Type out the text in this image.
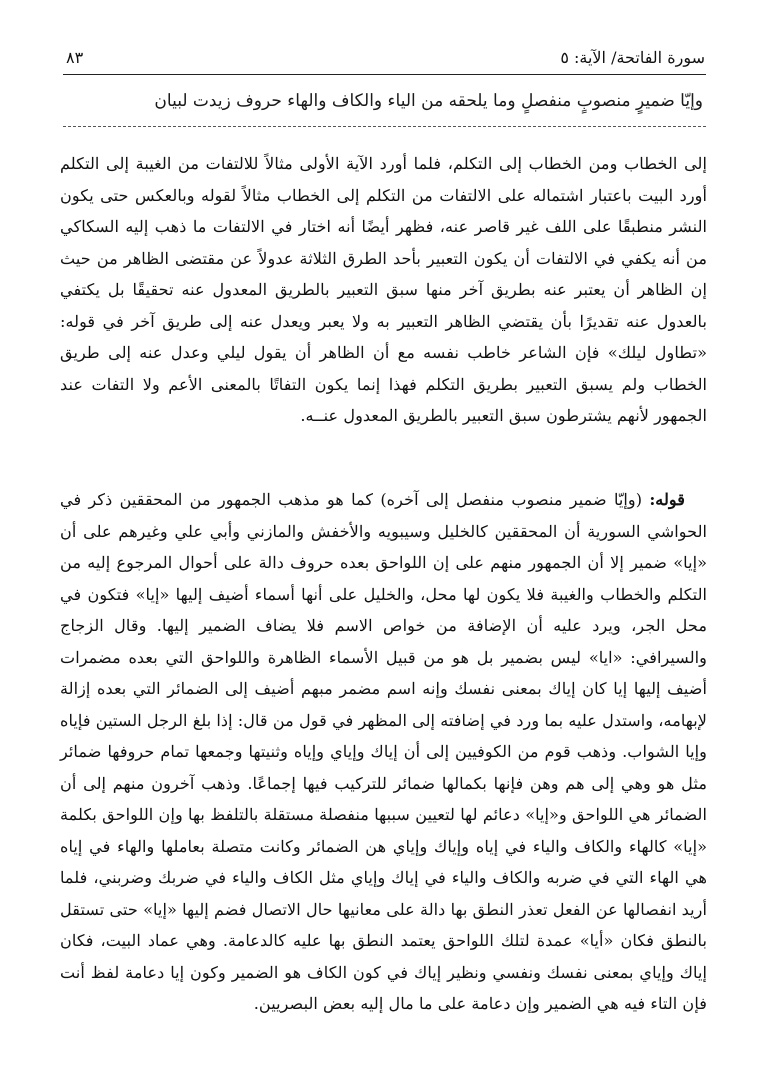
سورة الفاتحة/ الآية: ٥
٨٣
وإيّا ضميرٍ منصوبٍ منفصلٍ وما يلحقه من الياء والكاف والهاء حروف زيدت لبيان

إلى الخطاب ومن الخطاب إلى التكلم، فلما أورد الآية الأولى مثالاً للالتفات من الغيبة إلى التكلم أورد البيت باعتبار اشتماله على الالتفات من التكلم إلى الخطاب مثالاً لقوله وبالعكس حتى يكون النشر منطبقًا على اللف غير قاصر عنه، فظهر أيضًا أنه اختار في الالتفات ما ذهب إليه السكاكي من أنه يكفي في الالتفات أن يكون التعبير بأحد الطرق الثلاثة عدولاً عن مقتضى الظاهر من حيث إن الظاهر أن يعتبر عنه بطريق آخر منها سبق التعبير بالطريق المعدول عنه تحقيقًا بل يكتفي بالعدول عنه تقديرًا بأن يقتضي الظاهر التعبير به ولا يعبر ويعدل عنه إلى طريق آخر في قوله: «تطاول ليلك» فإن الشاعر خاطب نفسه مع أن الظاهر أن يقول ليلي وعدل عنه إلى طريق الخطاب ولم يسبق التعبير بطريق التكلم فهذا إنما يكون التفاتًا بالمعنى الأعم ولا التفات عند الجمهور لأنهم يشترطون سبق التعبير بالطريق المعدول عنــه.

قوله: (وإيّا ضمير منصوب منفصل إلى آخره) كما هو مذهب الجمهور من المحققين ذكر في الحواشي السورية أن المحققين كالخليل وسيبويه والأخفش والمازني وأبي علي وغيرهم على أن «إيا» ضمير إلا أن الجمهور منهم على إن اللواحق بعده حروف دالة على أحوال المرجوع إليه من التكلم والخطاب والغيبة فلا يكون لها محل، والخليل على أنها أسماء أضيف إليها «إيا» فتكون في محل الجر، ويرد عليه أن الإضافة من خواص الاسم فلا يضاف الضمير إليها. وقال الزجاج والسيرافي: «ايا» ليس بضمير بل هو من قبيل الأسماء الظاهرة واللواحق التي بعده مضمرات أضيف إليها إيا كان إياك بمعنى نفسك وإنه اسم مضمر مبهم أضيف إلى الضمائر التي بعده إزالة لإبهامه، واستدل عليه بما ورد في إضافته إلى المظهر في قول من قال: إذا بلغ الرجل الستين فإياه وإيا الشواب. وذهب قوم من الكوفيين إلى أن إياك وإياي وإياه وثنيتها وجمعها تمام حروفها ضمائر مثل هو وهي إلى هم وهن فإنها بكمالها ضمائر للتركيب فيها إجماعًا. وذهب آخرون منهم إلى أن الضمائر هي اللواحق و«إيا» دعائم لها لتعيين سببها منفصلة مستقلة بالتلفظ بها وإن اللواحق بكلمة «إيا» كالهاء والكاف والياء في إياه وإياك وإياي هن الضمائر وكانت متصلة بعاملها والهاء في إياه هي الهاء التي في ضربه والكاف والياء في إياك وإياي مثل الكاف والياء في ضربك وضربني، فلما أريد انفصالها عن الفعل تعذر النطق بها دالة على معانيها حال الاتصال فضم إليها «إيا» حتى تستقل بالنطق فكان «أيا» عمدة لتلك اللواحق يعتمد النطق بها عليه كالدعامة. وهي عماد البيت، فكان إياك وإياي بمعنى نفسك ونفسي ونظير إياك في كون الكاف هو الضمير وكون إيا دعامة لفظ أنت فإن التاء فيه هي الضمير وإن دعامة على ما مال إليه بعض البصريين.
